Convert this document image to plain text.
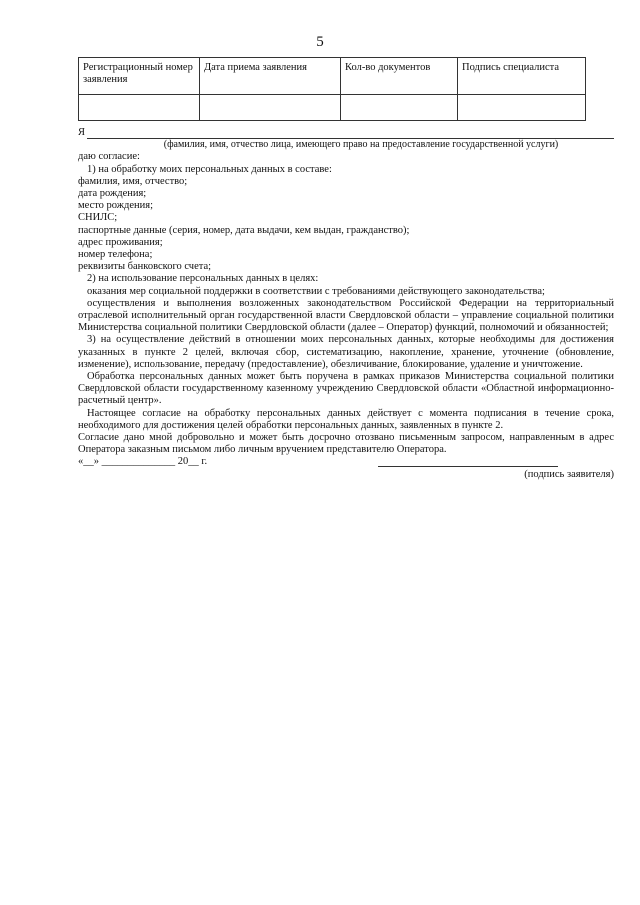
5
Регистрационный номер заявления	Дата приема заявления	Кол-во документов	Подпись специалиста

Я

(фамилия, имя, отчество лица, имеющего право на предоставление государственной услуги)

даю согласие:

1) на обработку моих персональных данных в составе:

фамилия, имя, отчество;

дата рождения;

место рождения;

СНИЛС;

паспортные данные (серия, номер, дата выдачи, кем выдан, гражданство);

адрес проживания;

номер телефона;

реквизиты банковского счета;

2) на использование персональных данных в целях:

оказания мер социальной поддержки в соответствии с требованиями действующего законодательства;

осуществления и выполнения возложенных законодательством Российской Федерации на территориальный отраслевой исполнительный орган государственной власти Свердловской области – управление социальной политики Министерства социальной политики Свердловской области (далее – Оператор) функций, полномочий и обязанностей;

3) на осуществление действий в отношении моих персональных данных, которые необходимы для достижения указанных в пункте 2 целей, включая сбор, систематизацию, накопление, хранение, уточнение (обновление, изменение), использование, передачу (предоставление), обезличивание, блокирование, удаление и уничтожение.

Обработка персональных данных может быть поручена в рамках приказов Министерства социальной политики Свердловской области государственному казенному учреждению Свердловской области «Областной информационно-расчетный центр».

Настоящее согласие на обработку персональных данных действует с момента подписания в течение срока, необходимого для достижения целей обработки персональных данных, заявленных в пункте 2.

Согласие дано мной добровольно и может быть досрочно отозвано письменным запросом, направленным в адрес Оператора заказным письмом либо личным вручением представителю Оператора.

«__» ______________ 20__ г.

(подпись заявителя)
